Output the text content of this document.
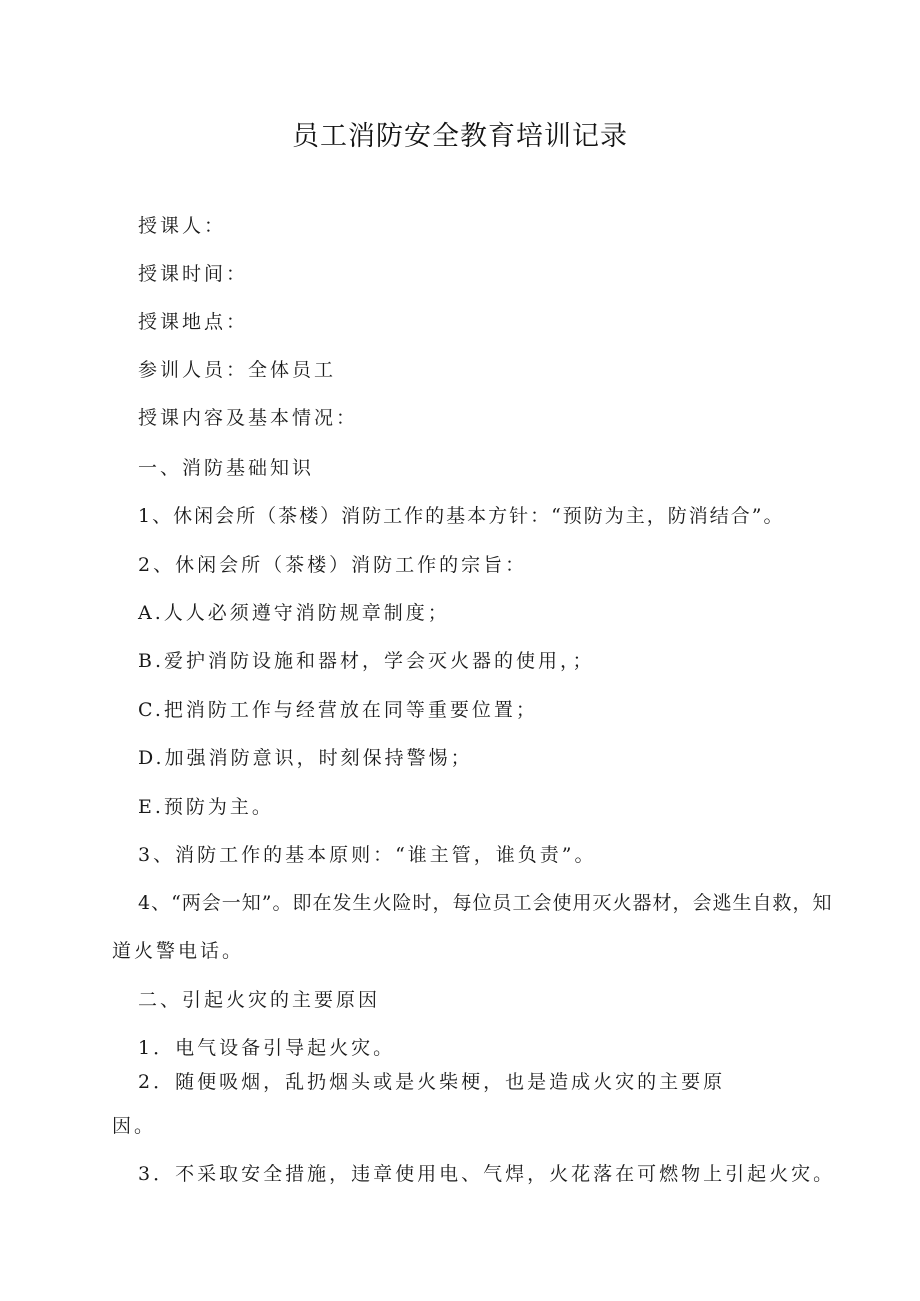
员工消防安全教育培训记录
授课人：
授课时间：
授课地点：
参训人员：全体员工
授课内容及基本情况：
一、消防基础知识
1、休闲会所（茶楼）消防工作的基本方针：“预防为主，防消结合”。
2、休闲会所（茶楼）消防工作的宗旨：
A.人人必须遵守消防规章制度；
B.爱护消防设施和器材，学会灭火器的使用，；
C.把消防工作与经营放在同等重要位置；
D.加强消防意识，时刻保持警惕；
E.预防为主。
3、消防工作的基本原则：“谁主管，谁负责”。
4、“两会一知”。即在发生火险时，每位员工会使用灭火器材，会逃生自救，知
道火警电话。
二、引起火灾的主要原因
1．电气设备引导起火灾。
2．随便吸烟，乱扔烟头或是火柴梗，也是造成火灾的主要原
因。
3．不采取安全措施，违章使用电、气焊，火花落在可燃物上引起火灾。
